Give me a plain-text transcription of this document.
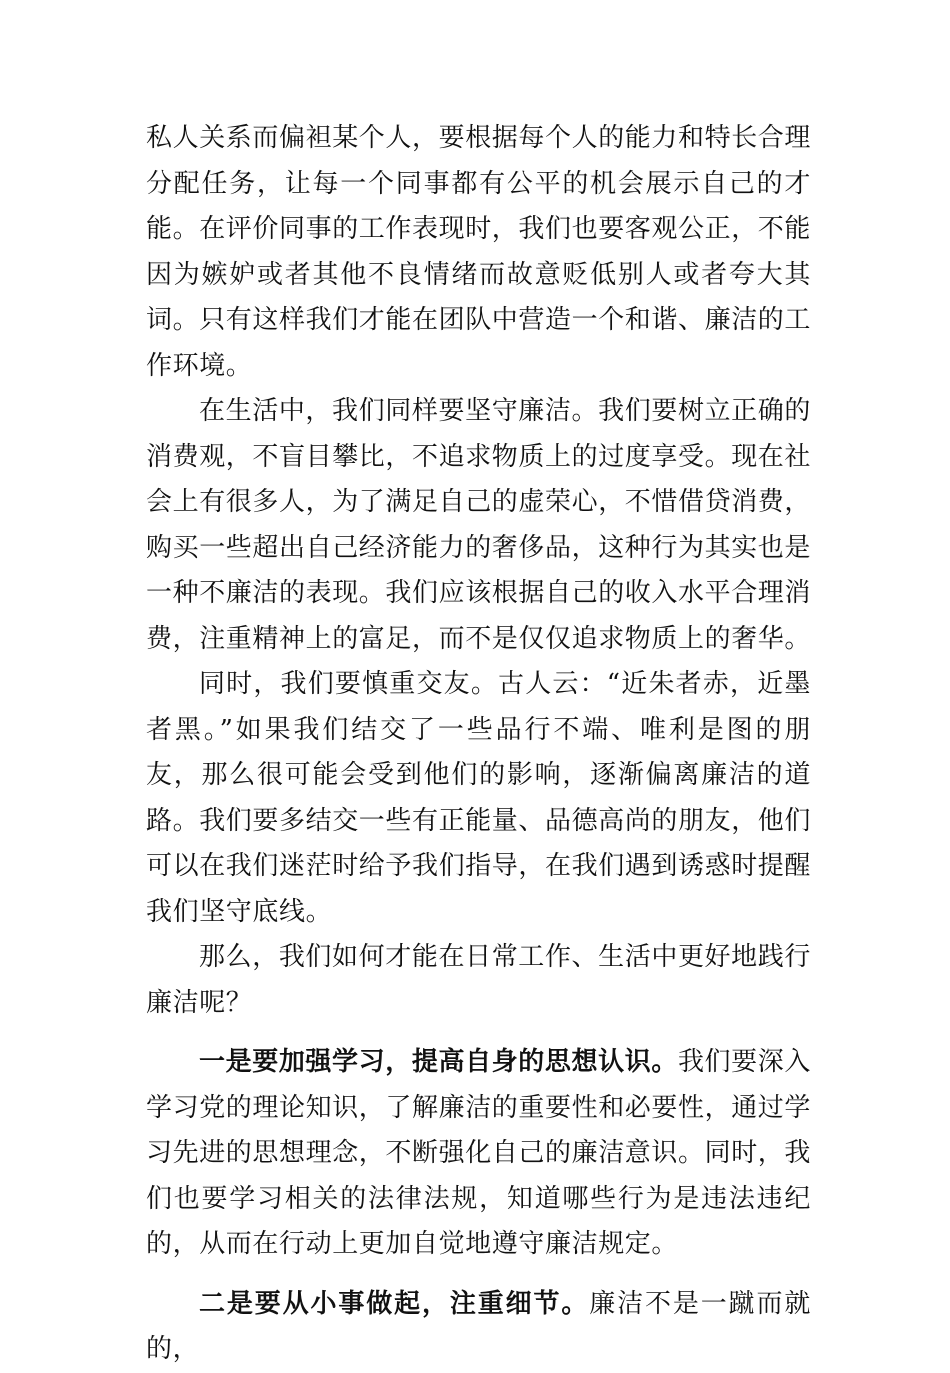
私人关系而偏袒某个人，要根据每个人的能力和特长合理分配任务，让每一个同事都有公平的机会展示自己的才能。在评价同事的工作表现时，我们也要客观公正，不能因为嫉妒或者其他不良情绪而故意贬低别人或者夸大其词。只有这样我们才能在团队中营造一个和谐、廉洁的工作环境。

在生活中，我们同样要坚守廉洁。我们要树立正确的消费观，不盲目攀比，不追求物质上的过度享受。现在社会上有很多人，为了满足自己的虚荣心，不惜借贷消费，购买一些超出自己经济能力的奢侈品，这种行为其实也是一种不廉洁的表现。我们应该根据自己的收入水平合理消费，注重精神上的富足，而不是仅仅追求物质上的奢华。

同时，我们要慎重交友。古人云：“近朱者赤，近墨者黑。”如果我们结交了一些品行不端、唯利是图的朋友，那么很可能会受到他们的影响，逐渐偏离廉洁的道路。我们要多结交一些有正能量、品德高尚的朋友，他们可以在我们迷茫时给予我们指导，在我们遇到诱惑时提醒我们坚守底线。

那么，我们如何才能在日常工作、生活中更好地践行廉洁呢？

一是要加强学习，提高自身的思想认识。我们要深入学习党的理论知识，了解廉洁的重要性和必要性，通过学习先进的思想理念，不断强化自己的廉洁意识。同时，我们也要学习相关的法律法规，知道哪些行为是违法违纪的，从而在行动上更加自觉地遵守廉洁规定。

二是要从小事做起，注重细节。廉洁不是一蹴而就的，
